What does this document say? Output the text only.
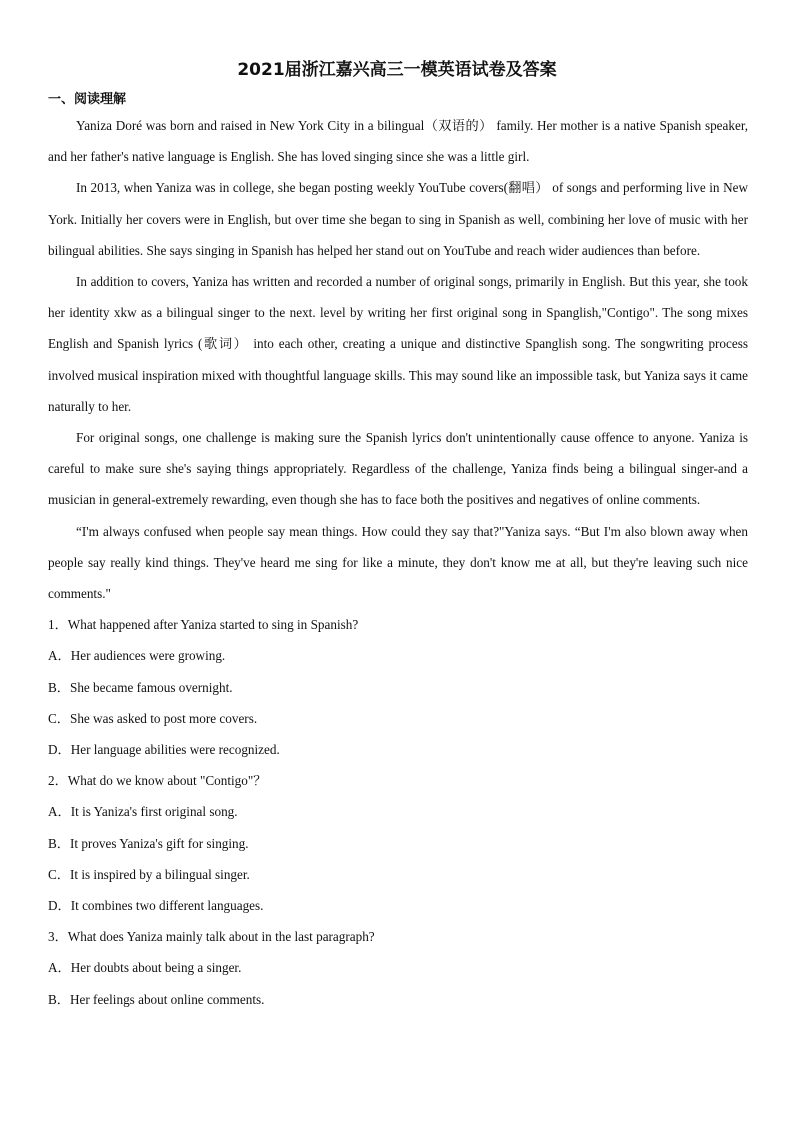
2021届浙江嘉兴高三一模英语试卷及答案
一、阅读理解

Yaniza Doré was born and raised in New York City in a bilingual（双语的） family. Her mother is a native Spanish speaker, and her father's native language is English. She has loved singing since she was a little girl.

In 2013, when Yaniza was in college, she began posting weekly YouTube covers(翻唱） of songs and performing live in New York. Initially her covers were in English, but over time she began to sing in Spanish as well, combining her love of music with her bilingual abilities. She says singing in Spanish has helped her stand out on YouTube and reach wider audiences than before.

In addition to covers, Yaniza has written and recorded a number of original songs, primarily in English. But this year, she took her identity xkw as a bilingual singer to the next. level by writing her first original song in Spanglish,"Contigo". The song mixes English and Spanish lyrics (歌词） into each other, creating a unique and distinctive Spanglish song. The songwriting process involved musical inspiration mixed with thoughtful language skills. This may sound like an impossible task, but Yaniza says it came naturally to her.

For original songs, one challenge is making sure the Spanish lyrics don't unintentionally cause offence to anyone. Yaniza is careful to make sure she's saying things appropriately. Regardless of the challenge, Yaniza finds being a bilingual singer-and a musician in general-extremely rewarding, even though she has to face both the positives and negatives of online comments.

“I'm always confused when people say mean things. How could they say that?"Yaniza says. “But I'm also blown away when people say really kind things. They've heard me sing for like a minute, they don't know me at all, but they're leaving such nice comments."

1．What happened after Yaniza started to sing in Spanish?

A．Her audiences were growing.

B．She became famous overnight.

C．She was asked to post more covers.

D．Her language abilities were recognized.

2．What do we know about "Contigo"？

A．It is Yaniza's first original song.

B．It proves Yaniza's gift for singing.

C．It is inspired by a bilingual singer.

D．It combines two different languages.

3．What does Yaniza mainly talk about in the last paragraph?

A．Her doubts about being a singer.

B．Her feelings about online comments.
